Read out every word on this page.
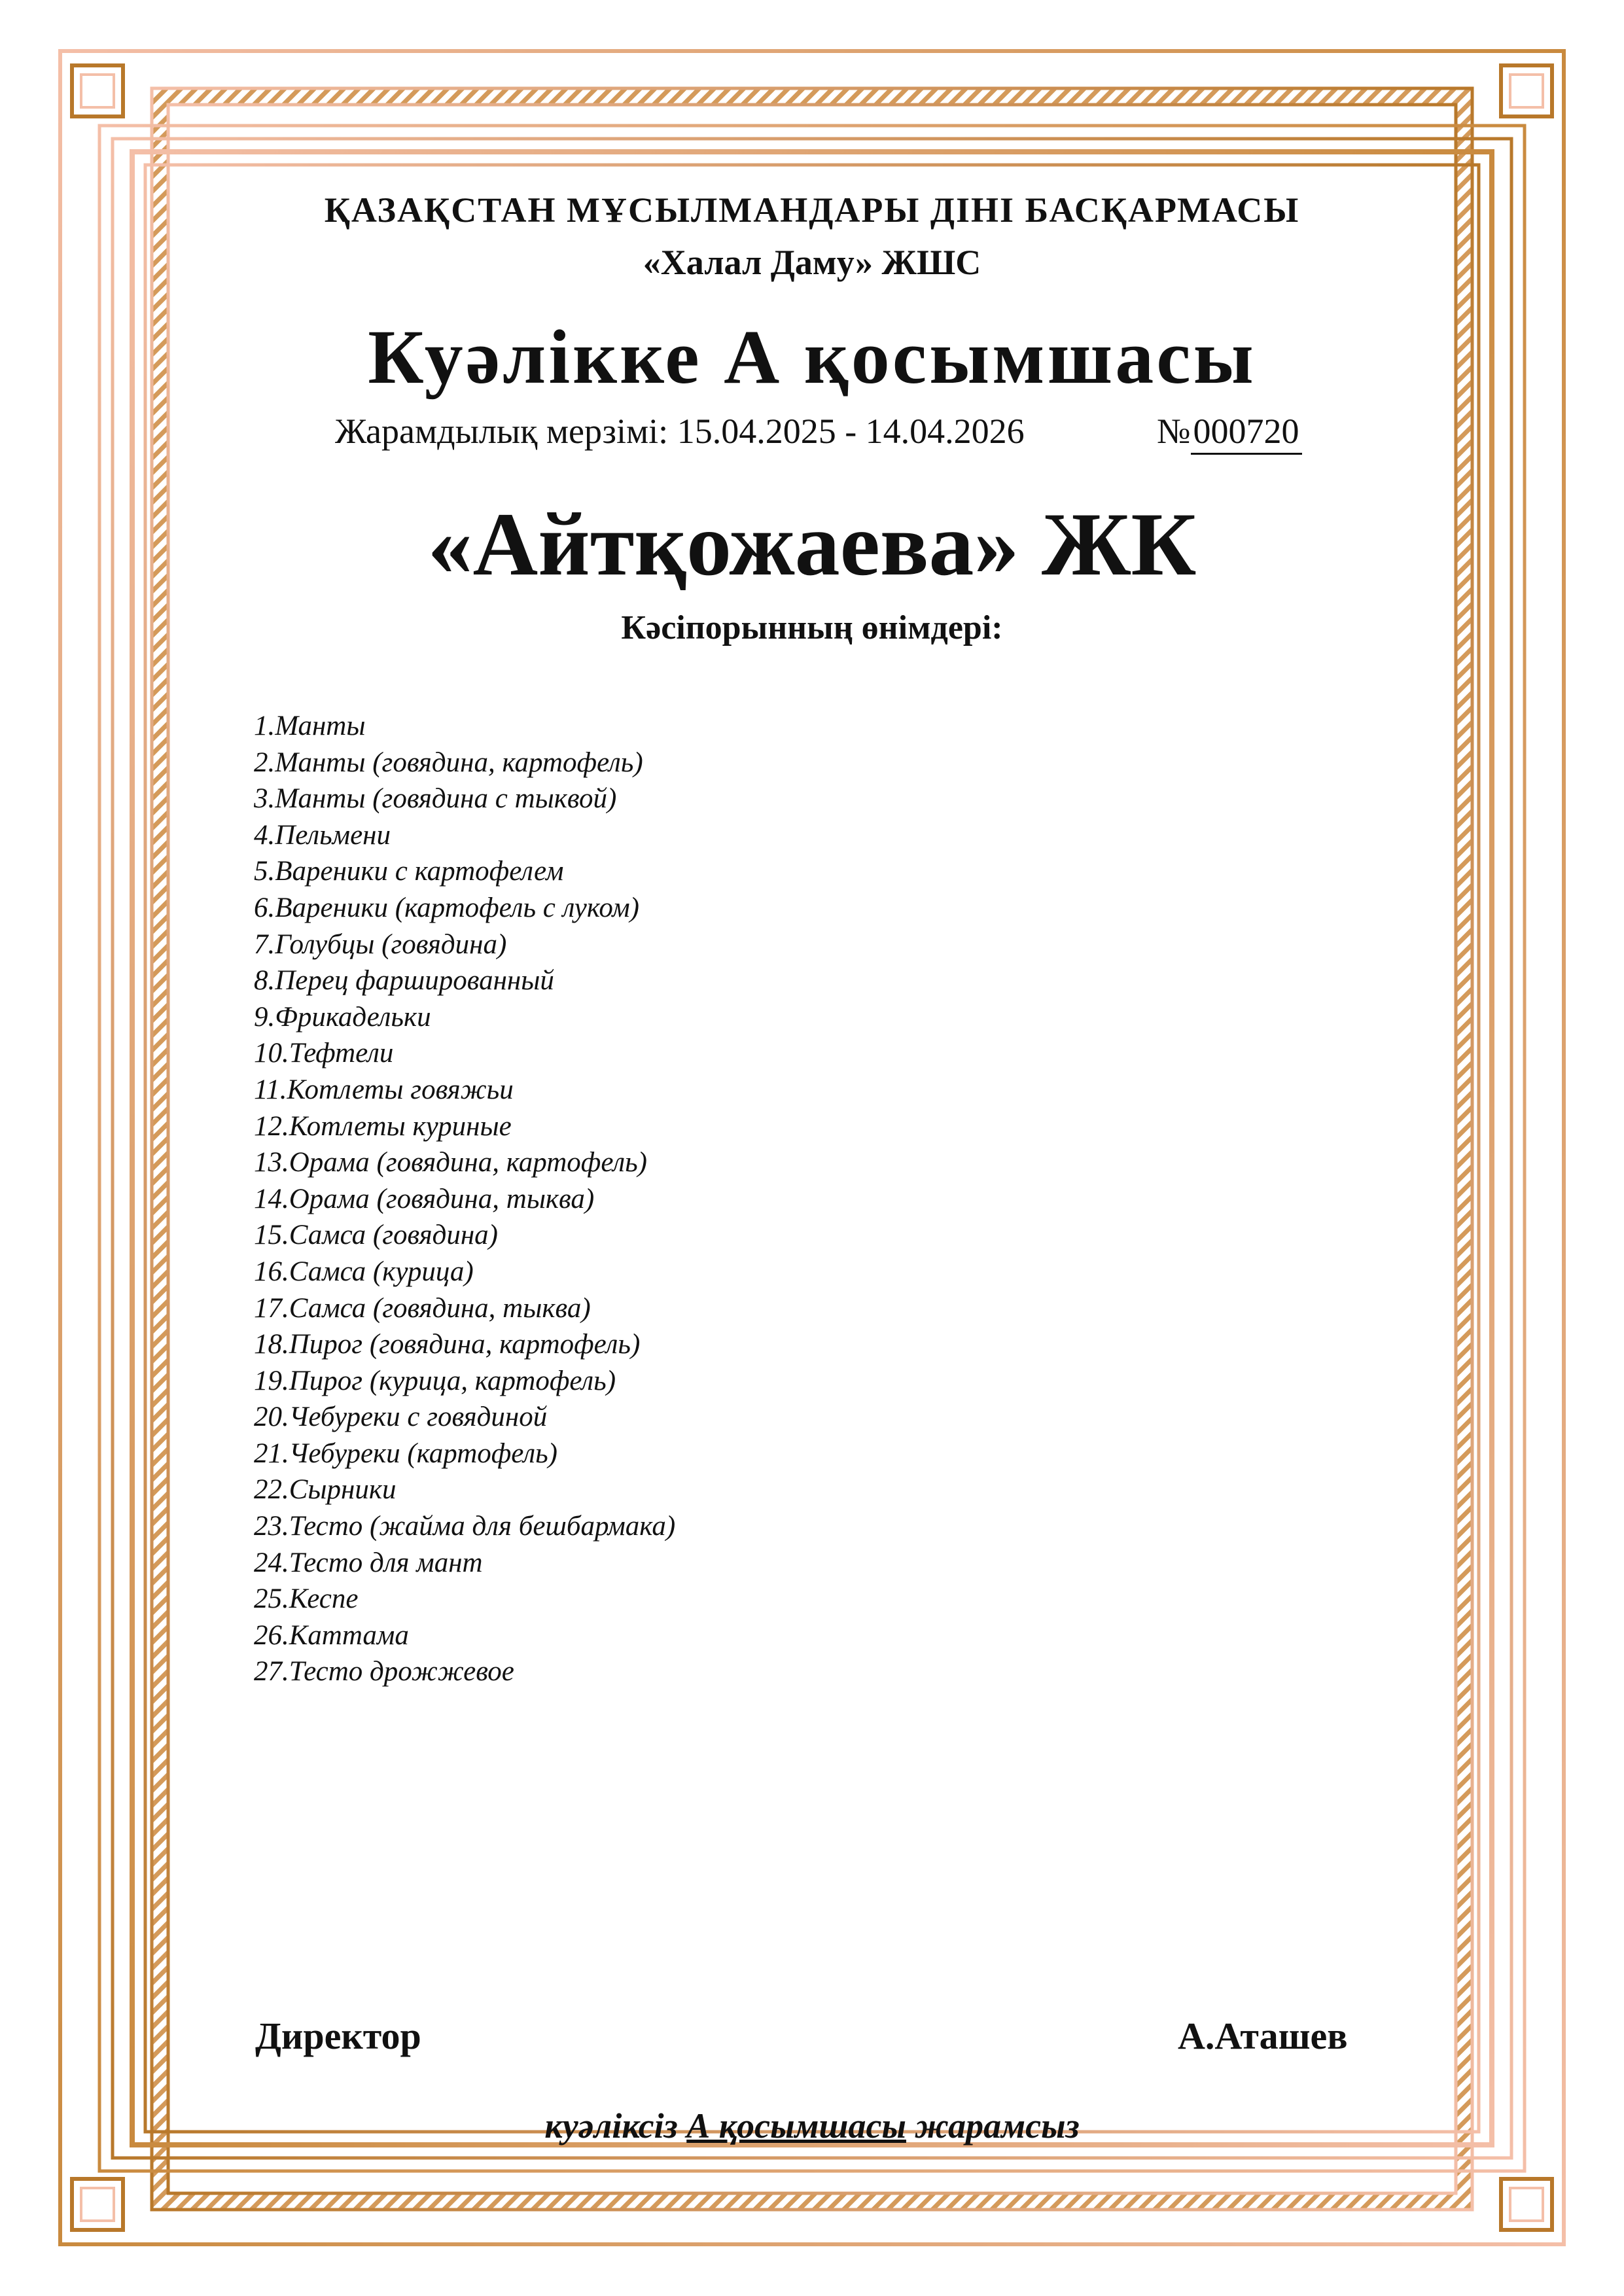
ҚАЗАҚСТАН МҰСЫЛМАНДАРЫ ДІНІ БАСҚАРМАСЫ
«Халал Даму» ЖШС
Куәлікке А қосымшасы
Жарамдылық мерзімі: 15.04.2025 - 14.04.2026	№000720
«Айтқожаева» ЖК
Кәсіпорынның өнімдері:
1.Манты
2.Манты (говядина, картофель)
3.Манты (говядина с тыквой)
4.Пельмени
5.Вареники с картофелем
6.Вареники (картофель с луком)
7.Голубцы (говядина)
8.Перец фаршированный
9.Фрикадельки
10.Тефтели
11.Котлеты говяжьи
12.Котлеты куриные
13.Орама (говядина, картофель)
14.Орама (говядина, тыква)
15.Самса (говядина)
16.Самса (курица)
17.Самса (говядина, тыква)
18.Пирог (говядина, картофель)
19.Пирог (курица, картофель)
20.Чебуреки с говядиной
21.Чебуреки (картофель)
22.Сырники
23.Тесто (жайма для бешбармака)
24.Тесто для мант
25.Кеспе
26.Каттама
27.Тесто дрожжевое
Директор	А.Аташев
куәліксіз А қосымшасы жарамсыз
